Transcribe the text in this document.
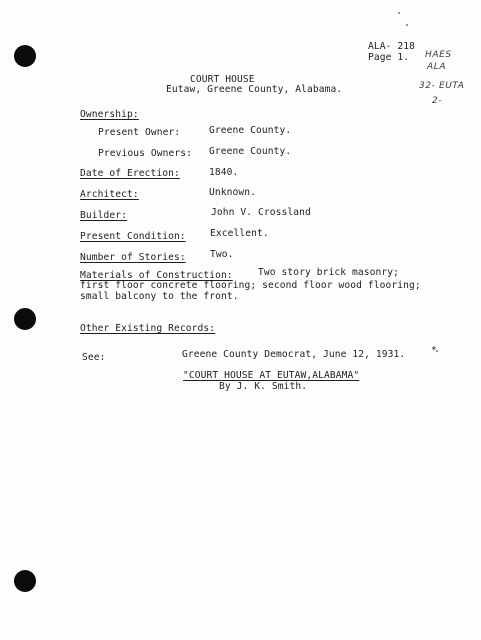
ALA- 218
Page 1. HAES
ALA
32- EUTA
2-
COURT HOUSE
Eutaw, Greene County, Alabama.
Ownership:
Present Owner:	Greene County.
Previous Owners: Greene County.
Date of Erection:	1840.
Architect:	Unknown.
Builder:	John V. Crossland
Present Condition:	Excellent.
Number of Stories:	Two.
Materials of Construction:	Two story brick masonry;
first floor concrete flooring; second floor wood flooring;
small balcony to the front.
Other Existing Records:
See:	Greene County Democrat, June 12, 1931.	*
"COURT HOUSE AT EUTAW,ALABAMA"
By J. K. Smith.
